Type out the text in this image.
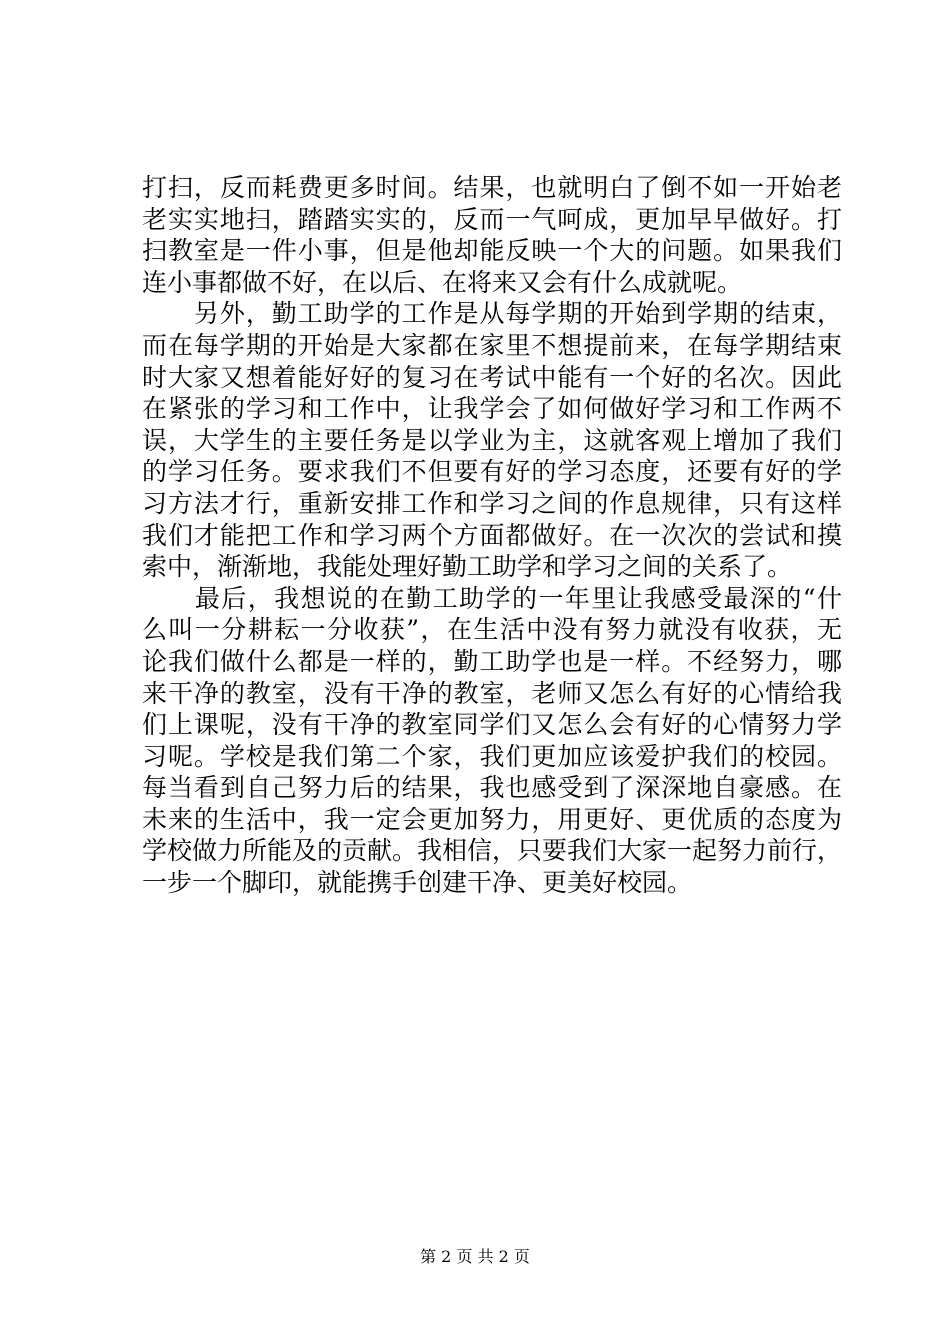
打扫，反而耗费更多时间。结果，也就明白了倒不如一开始老
老实实地扫，踏踏实实的，反而一气呵成，更加早早做好。打
扫教室是一件小事，但是他却能反映一个大的问题。如果我们
连小事都做不好，在以后、在将来又会有什么成就呢。
　　另外，勤工助学的工作是从每学期的开始到学期的结束，
而在每学期的开始是大家都在家里不想提前来，在每学期结束
时大家又想着能好好的复习在考试中能有一个好的名次。因此
在紧张的学习和工作中，让我学会了如何做好学习和工作两不
误，大学生的主要任务是以学业为主，这就客观上增加了我们
的学习任务。要求我们不但要有好的学习态度，还要有好的学
习方法才行，重新安排工作和学习之间的作息规律，只有这样
我们才能把工作和学习两个方面都做好。在一次次的尝试和摸
索中，渐渐地，我能处理好勤工助学和学习之间的关系了。
　　最后，我想说的在勤工助学的一年里让我感受最深的“什
么叫一分耕耘一分收获”，在生活中没有努力就没有收获，无
论我们做什么都是一样的，勤工助学也是一样。不经努力，哪
来干净的教室，没有干净的教室，老师又怎么有好的心情给我
们上课呢，没有干净的教室同学们又怎么会有好的心情努力学
习呢。学校是我们第二个家，我们更加应该爱护我们的校园。
每当看到自己努力后的结果，我也感受到了深深地自豪感。在
未来的生活中，我一定会更加努力，用更好、更优质的态度为
学校做力所能及的贡献。我相信，只要我们大家一起努力前行，
一步一个脚印，就能携手创建干净、更美好校园。
第 2 页 共 2 页
